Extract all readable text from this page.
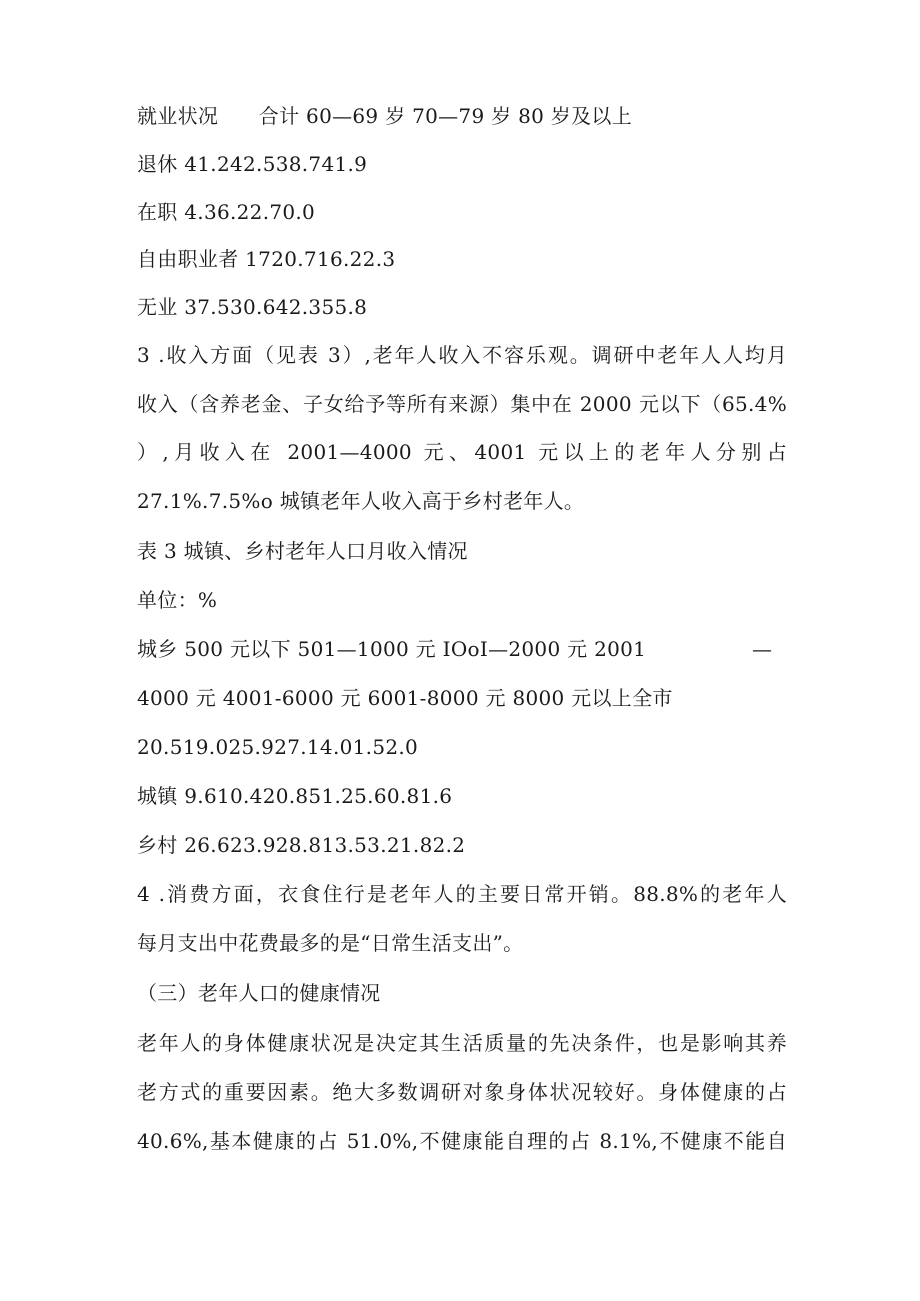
就业状况　　合计 60—69 岁 70—79 岁 80 岁及以上
退休 41.242.538.741.9
在职 4.36.22.70.0
自由职业者 1720.716.22.3
无业 37.530.642.355.8
3 .收入方面（见表 3）,老年人收入不容乐观。调研中老年人人均月
收入（含养老金、子女给予等所有来源）集中在 2000 元以下（65.4%
）,月收入在 2001—4000 元、4001 元以上的老年人分别占
27.1%.7.5%o 城镇老年人收入高于乡村老年人。
表 3 城镇、乡村老年人口月收入情况
单位：%
城乡 500 元以下 501—1000 元 IOoI—2000 元 2001	—
4000 元 4001-6000 元 6001-8000 元 8000 元以上全市
20.519.025.927.14.01.52.0
城镇 9.610.420.851.25.60.81.6
乡村 26.623.928.813.53.21.82.2
4 .消费方面，衣食住行是老年人的主要日常开销。88.8%的老年人
每月支出中花费最多的是“日常生活支出”。
（三）老年人口的健康情况
老年人的身体健康状况是决定其生活质量的先决条件，也是影响其养
老方式的重要因素。绝大多数调研对象身体状况较好。身体健康的占
40.6%,基本健康的占 51.0%,不健康能自理的占 8.1%,不健康不能自
